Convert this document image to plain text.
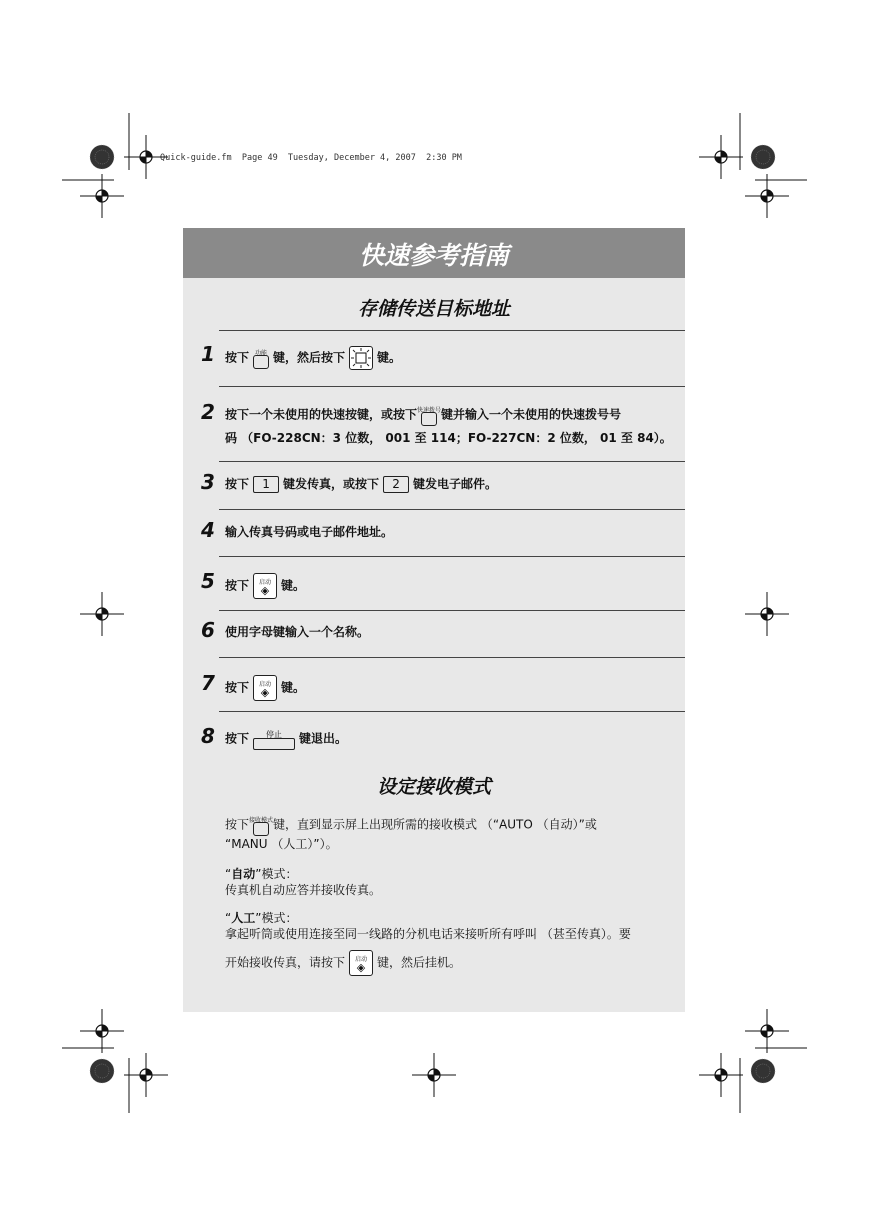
Quick-guide.fm  Page 49  Tuesday, December 4, 2007  2:30 PM
快速参考指南
存储传送目标地址
1 按下 功能 键，然后按下	键。
2 按下一个未使用的快速按键，或按下 快速拨号 键并输入一个未使用的快速拨号号
码 （FO-228CN：3 位数， 001 至 114；FO-227CN：2 位数， 01 至 84）。
3 按下 1 键发传真，或按下 2 键发电子邮件。
4 输入传真号码或电子邮件地址。
5 按下	启动
◈ 键。
6 使用字母键输入一个名称。
7 按下	启动
◈ 键。
8 按下	停止	键退出。
设定接收模式
按下 接收模式 键，直到显示屏上出现所需的接收模式 （“AUTO （自动）”或
“MANU （人工）”）。
“自动”模式：
传真机自动应答并接收传真。
“人工”模式：
拿起听筒或使用连接至同一线路的分机电话来接听所有呼叫 （甚至传真）。要
开始接收传真，请按下	启动
◈ 键，然后挂机。
